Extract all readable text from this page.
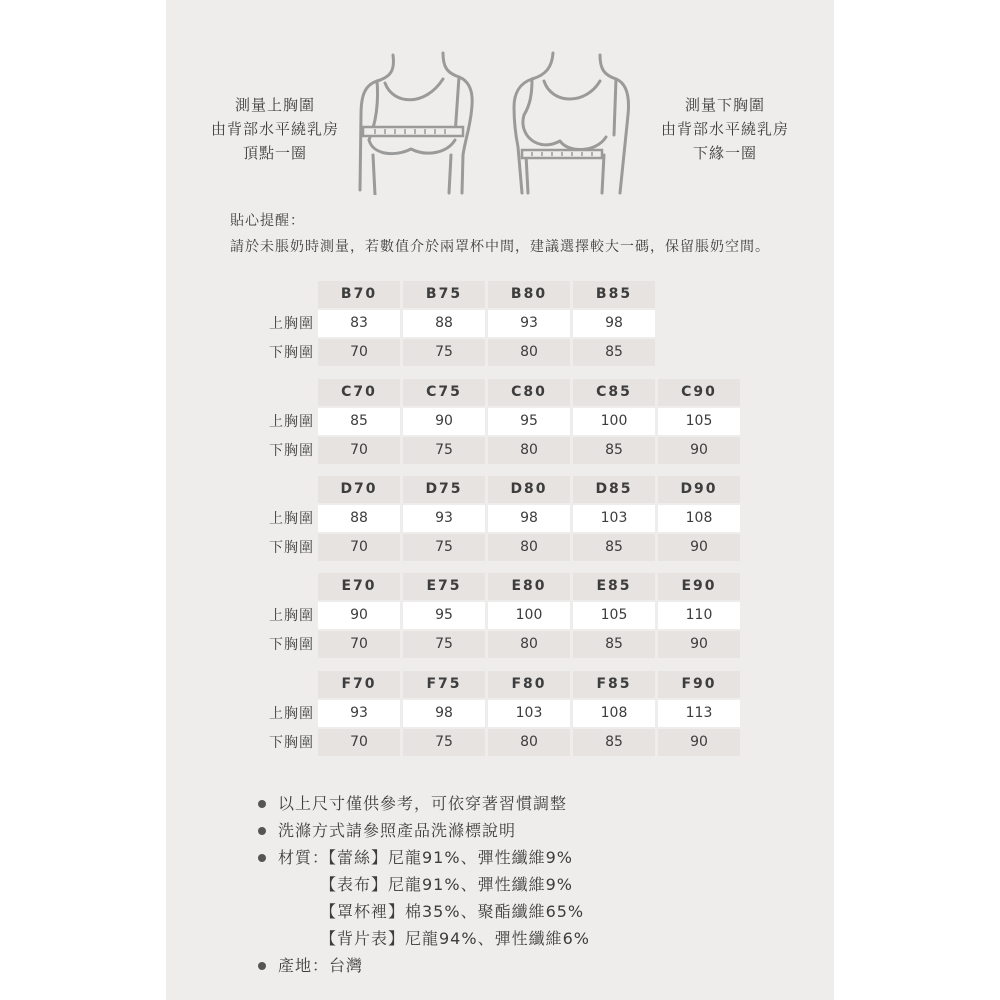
測量上胸圍
由背部水平繞乳房
頂點一圈
測量下胸圍
由背部水平繞乳房
下緣一圈
貼心提醒：
請於未脹奶時測量，若數值介於兩罩杯中間，建議選擇較大一碼，保留脹奶空間。
B70	B75	B80	B85
上胸圍	83	88	93	98
下胸圍	70	75	80	85
C70	C75	C80	C85	C90
上胸圍	85	90	95	100	105
下胸圍	70	75	80	85	90
D70	D75	D80	D85	D90
上胸圍	88	93	98	103	108
下胸圍	70	75	80	85	90
E70	E75	E80	E85	E90
上胸圍	90	95	100	105	110
下胸圍	70	75	80	85	90
F70	F75	F80	F85	F90
上胸圍	93	98	103	108	113
下胸圍	70	75	80	85	90
以上尺寸僅供參考，可依穿著習慣調整
洗滌方式請參照產品洗滌標說明
材質：
【蕾絲】尼龍91%、彈性纖維9%
【表布】尼龍91%、彈性纖維9%
【罩杯裡】棉35%、聚酯纖維65%
【背片表】尼龍94%、彈性纖維6%
產地：台灣
